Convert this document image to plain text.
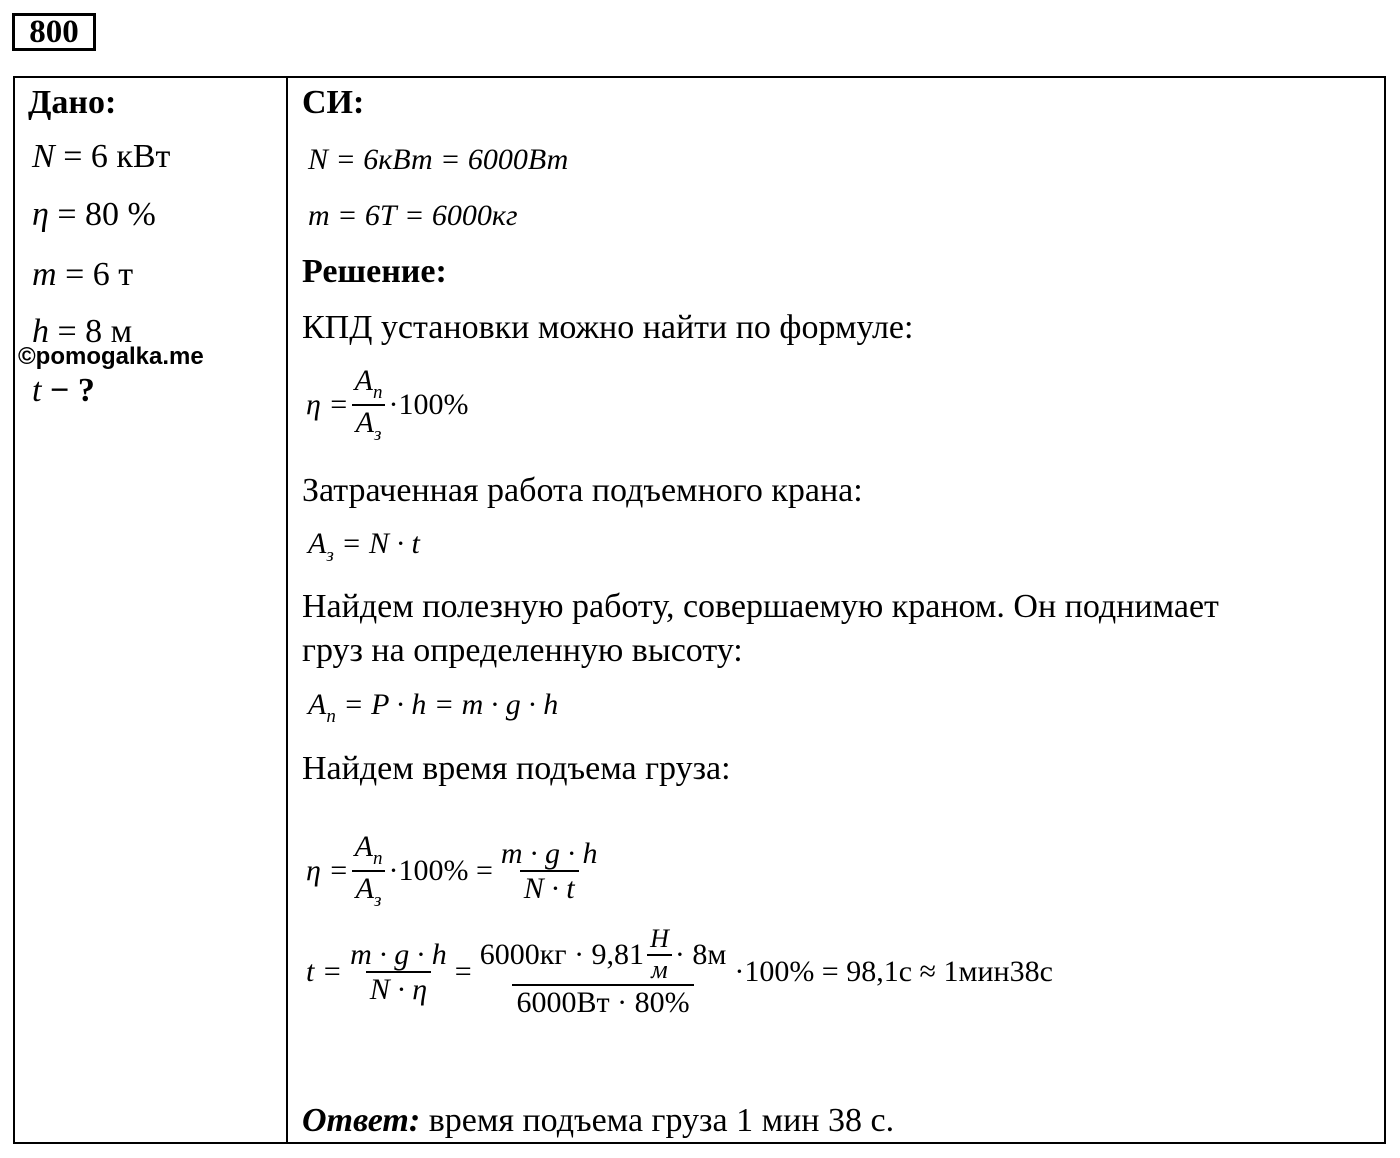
800
Дано:
N = 6 кВт
η = 80 %
m = 6 т
h = 8 м
©pomogalka.me
t − ?
СИ:
N = 6кВт = 6000Вт
m = 6Т = 6000кг
Решение:
КПД установки можно найти по формуле:
$\eta = \frac{A_п}{A_з} \cdot 100\%$
Затраченная работа подъемного крана:
$A_з = N \cdot t$
Найдем полезную работу, совершаемую краном. Он поднимает
груз на определенную высоту:
$A_п = P \cdot h = m \cdot g \cdot h$
Найдем время подъема груза:
$\eta = \frac{A_п}{A_з} \cdot 100\% = \frac{m \cdot g \cdot h}{N \cdot t}$
$t = \frac{m \cdot g \cdot h}{N \cdot \eta} = \frac{6000кг \cdot 9,81 \frac{Н}{м} \cdot 8м}{6000Вт \cdot 80\%} \cdot 100\% = 98,1с \approx 1мин38с$
Ответ: время подъема груза 1 мин 38 с.
